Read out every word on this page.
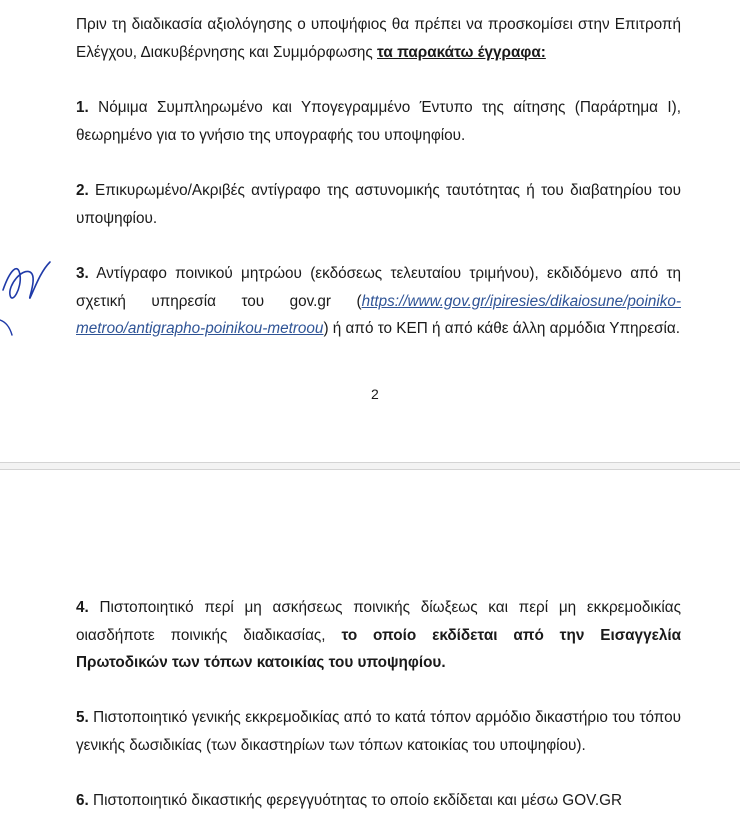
Πριν τη διαδικασία αξιολόγησης ο υποψήφιος θα πρέπει να προσκομίσει στην Επιτροπή Ελέγχου, Διακυβέρνησης και Συμμόρφωσης τα παρακάτω έγγραφα:

1. Νόμιμα Συμπληρωμένο και Υπογεγραμμένο Έντυπο της αίτησης (Παράρτημα Ι), θεωρημένο για το γνήσιο της υπογραφής του υποψηφίου.

2. Επικυρωμένο/Ακριβές αντίγραφο της αστυνομικής ταυτότητας ή του διαβατηρίου του υποψηφίου.

3. Αντίγραφο ποινικού μητρώου (εκδόσεως τελευταίου τριμήνου), εκδιδόμενο από τη σχετική υπηρεσία του gov.gr (https://www.gov.gr/ipiresies/dikaiosune/poiniko-metroo/antigrapho-poinikou-metroou) ή από το ΚΕΠ ή από κάθε άλλη αρμόδια Υπηρεσία.

2

4. Πιστοποιητικό περί μη ασκήσεως ποινικής δίωξεως και περί μη εκκρεμοδικίας οιασδήποτε ποινικής διαδικασίας, το οποίο εκδίδεται από την Εισαγγελία Πρωτοδικών των τόπων κατοικίας του υποψηφίου.

5. Πιστοποιητικό γενικής εκκρεμοδικίας από το κατά τόπον αρμόδιο δικαστήριο του τόπου γενικής δωσιδικίας (των δικαστηρίων των τόπων κατοικίας του υποψηφίου).

6. Πιστοποιητικό δικαστικής φερεγγυότητας το οποίο εκδίδεται και μέσω GOV.GR
